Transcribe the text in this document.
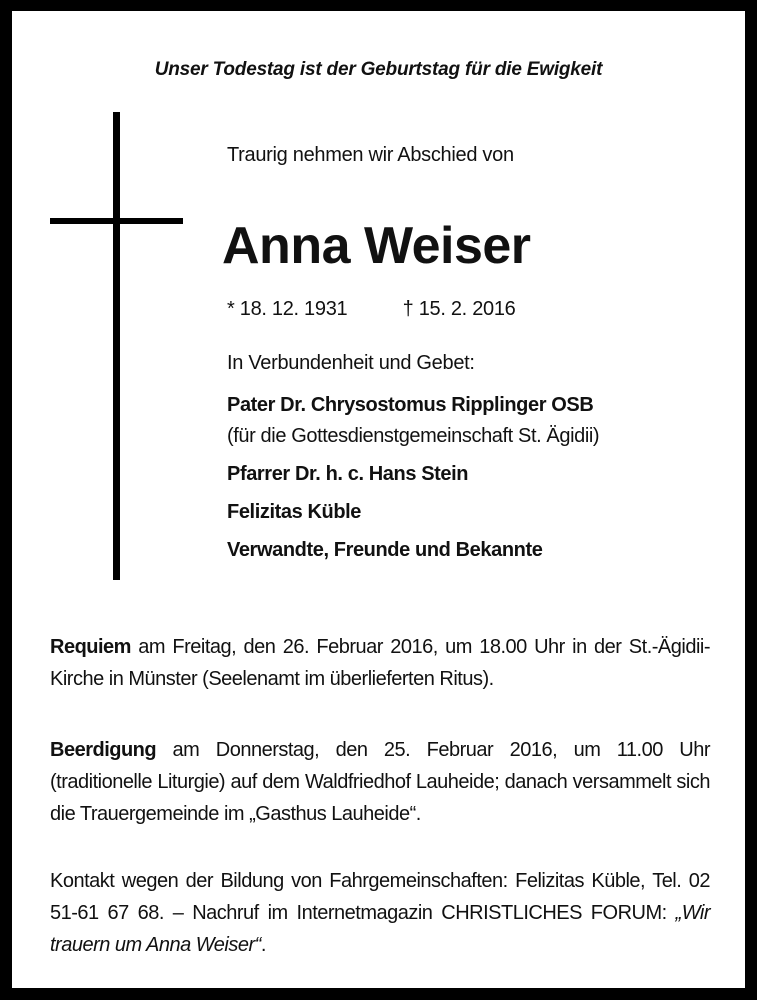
Unser Todestag ist der Geburtstag für die Ewigkeit
Traurig nehmen wir Abschied von
Anna Weiser
* 18. 12. 1931	† 15. 2. 2016
In Verbundenheit und Gebet:
Pater Dr. Chrysostomus Ripplinger OSB
(für die Gottesdienstgemeinschaft St. Ägidii)
Pfarrer Dr. h. c. Hans Stein
Felizitas Küble
Verwandte, Freunde und Bekannte
Requiem am Freitag, den 26. Februar 2016, um 18.00 Uhr in der St.-Ägidii-Kirche in Münster (Seelenamt im überlieferten Ritus).
Beerdigung am Donnerstag, den 25. Februar 2016, um 11.00 Uhr (traditionelle Liturgie) auf dem Waldfriedhof Lauheide; danach versammelt sich die Trauergemeinde im „Gasthus Lauheide“.
Kontakt wegen der Bildung von Fahrgemeinschaften: Felizitas Küble, Tel. 02 51-61 67 68. – Nachruf im Internetmagazin CHRISTLICHES FORUM: „Wir trauern um Anna Weiser“.
